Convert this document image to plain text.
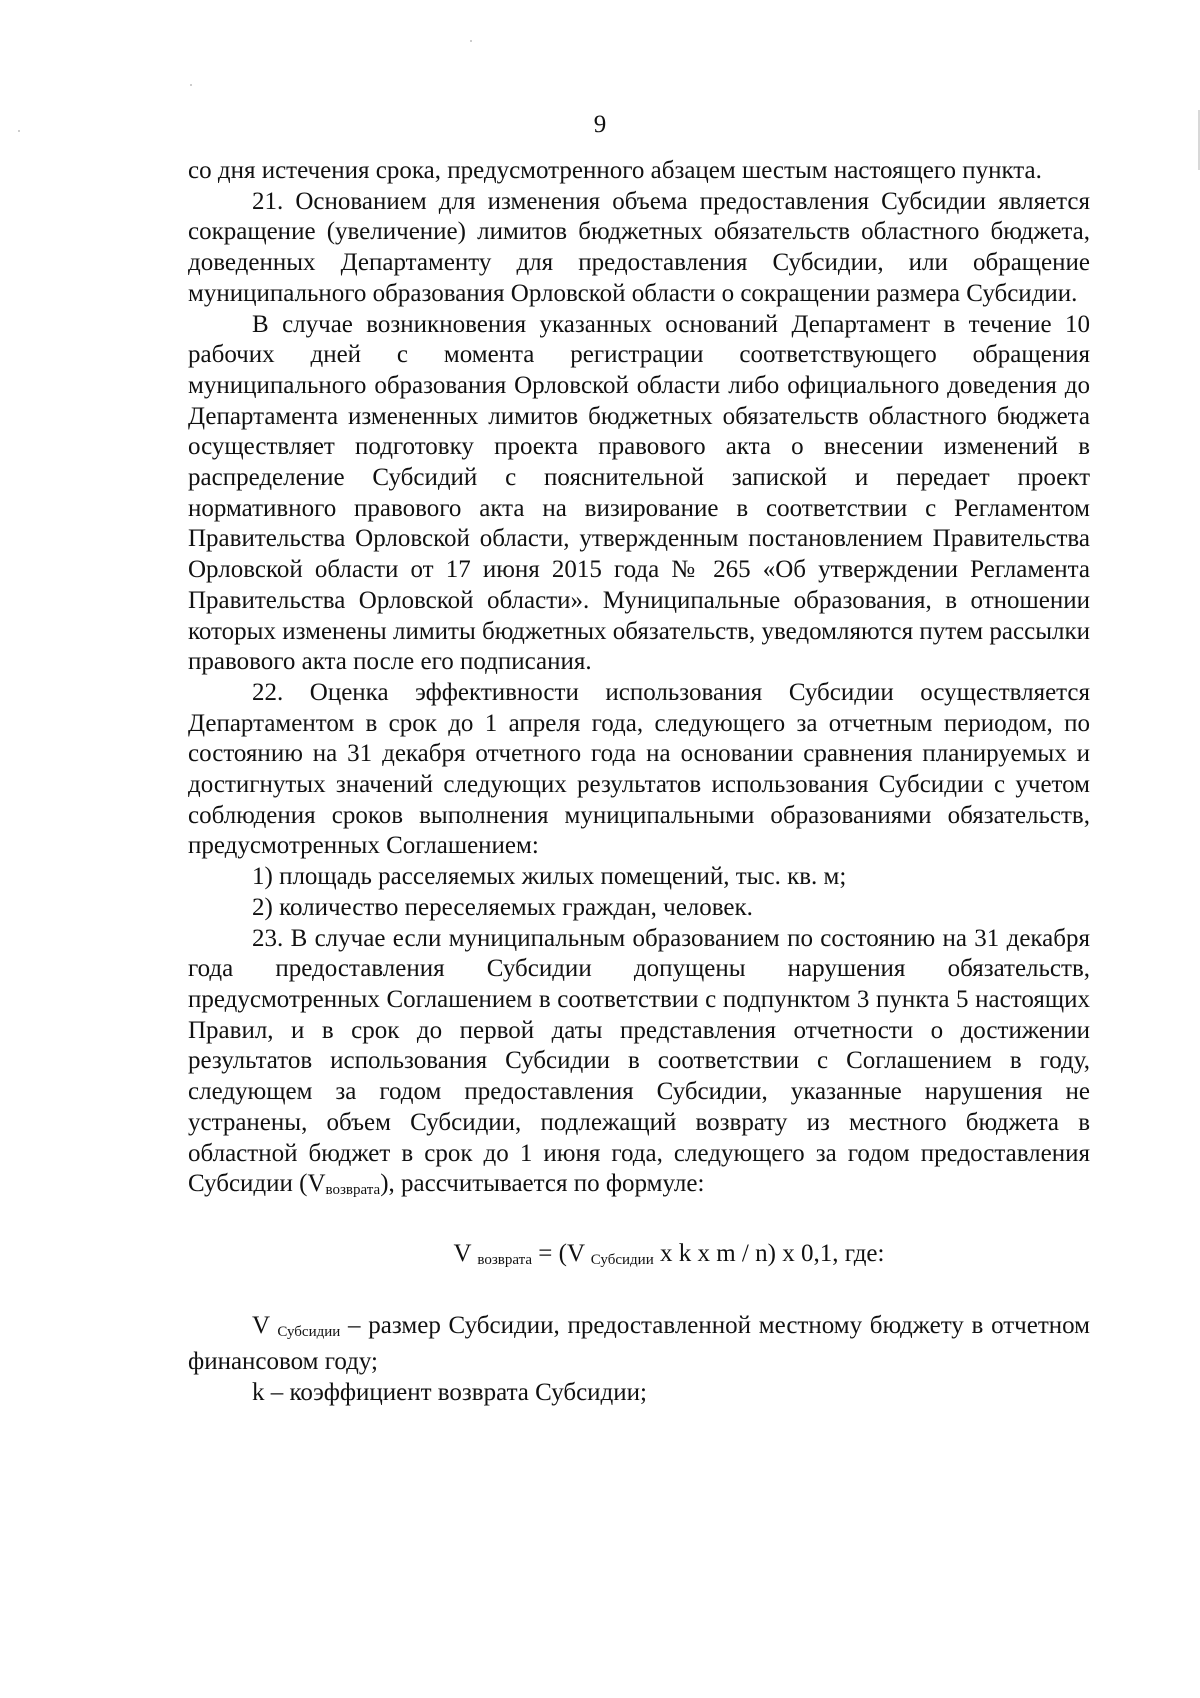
9

со дня истечения срока, предусмотренного абзацем шестым настоящего пункта.

21. Основанием для изменения объема предоставления Субсидии является сокращение (увеличение) лимитов бюджетных обязательств областного бюджета, доведенных Департаменту для предоставления Субсидии, или обращение муниципального образования Орловской области о сокращении размера Субсидии.

В случае возникновения указанных оснований Департамент в течение 10 рабочих дней с момента регистрации соответствующего обращения муниципального образования Орловской области либо официального доведения до Департамента измененных лимитов бюджетных обязательств областного бюджета осуществляет подготовку проекта правового акта о внесении изменений в распределение Субсидий с пояснительной запиской и передает проект нормативного правового акта на визирование в соответствии с Регламентом Правительства Орловской области, утвержденным постановлением Правительства Орловской области от 17 июня 2015 года № 265 «Об утверждении Регламента Правительства Орловской области». Муниципальные образования, в отношении которых изменены лимиты бюджетных обязательств, уведомляются путем рассылки правового акта после его подписания.

22. Оценка эффективности использования Субсидии осуществляется Департаментом в срок до 1 апреля года, следующего за отчетным периодом, по состоянию на 31 декабря отчетного года на основании сравнения планируемых и достигнутых значений следующих результатов использования Субсидии с учетом соблюдения сроков выполнения муниципальными образованиями обязательств, предусмотренных Соглашением:

1) площадь расселяемых жилых помещений, тыс. кв. м;

2) количество переселяемых граждан, человек.

23. В случае если муниципальным образованием по состоянию на 31 декабря года предоставления Субсидии допущены нарушения обязательств, предусмотренных Соглашением в соответствии с подпунктом 3 пункта 5 настоящих Правил, и в срок до первой даты представления отчетности о достижении результатов использования Субсидии в соответствии с Соглашением в году, следующем за годом предоставления Субсидии, указанные нарушения не устранены, объем Субсидии, подлежащий возврату из местного бюджета в областной бюджет в срок до 1 июня года, следующего за годом предоставления Субсидии $(V_{возврата})$, рассчитывается по формуле:

V $_{возврата}$ = (V $_{Субсидии}$ x k x m / n) x 0,1, где:

V $_{Субсидии}$ – размер Субсидии, предоставленной местному бюджету в отчетном финансовом году;

k – коэффициент возврата Субсидии;
